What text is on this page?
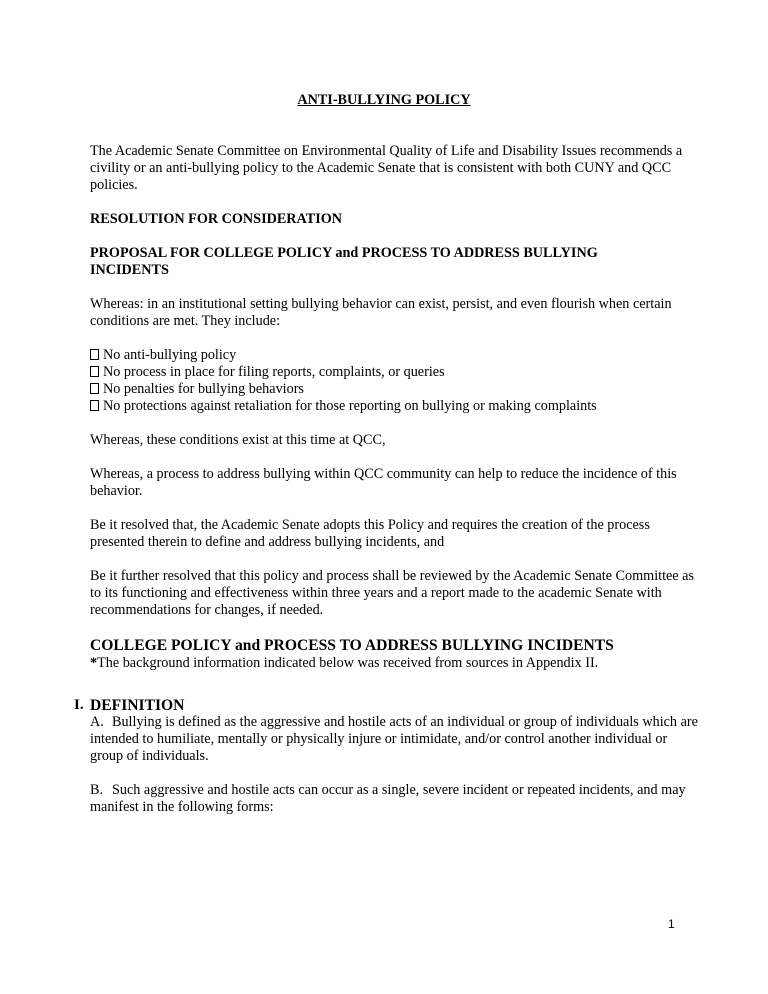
ANTI-BULLYING POLICY

The Academic Senate Committee on Environmental Quality of Life and Disability Issues recommends a civility or an anti-bullying policy to the Academic Senate that is consistent with both CUNY and QCC policies.

RESOLUTION FOR CONSIDERATION

PROPOSAL FOR COLLEGE POLICY and PROCESS TO ADDRESS BULLYING INCIDENTS

Whereas: in an institutional setting bullying behavior can exist, persist, and even flourish when certain conditions are met. They include:

No anti-bullying policy
No process in place for filing reports, complaints, or queries
No penalties for bullying behaviors
No protections against retaliation for those reporting on bullying or making complaints

Whereas, these conditions exist at this time at QCC,

Whereas, a process to address bullying within QCC community can help to reduce the incidence of this behavior.

Be it resolved that, the Academic Senate adopts this Policy and requires the creation of the process presented therein to define and address bullying incidents, and

Be it further resolved that this policy and process shall be reviewed by the Academic Senate Committee as to its functioning and effectiveness within three years and a report made to the academic Senate with recommendations for changes, if needed.

COLLEGE POLICY and PROCESS TO ADDRESS BULLYING INCIDENTS

*The background information indicated below was received from sources in Appendix II.

I. DEFINITION

A. Bullying is defined as the aggressive and hostile acts of an individual or group of individuals which are intended to humiliate, mentally or physically injure or intimidate, and/or control another individual or group of individuals.

B. Such aggressive and hostile acts can occur as a single, severe incident or repeated incidents, and may manifest in the following forms:

1
